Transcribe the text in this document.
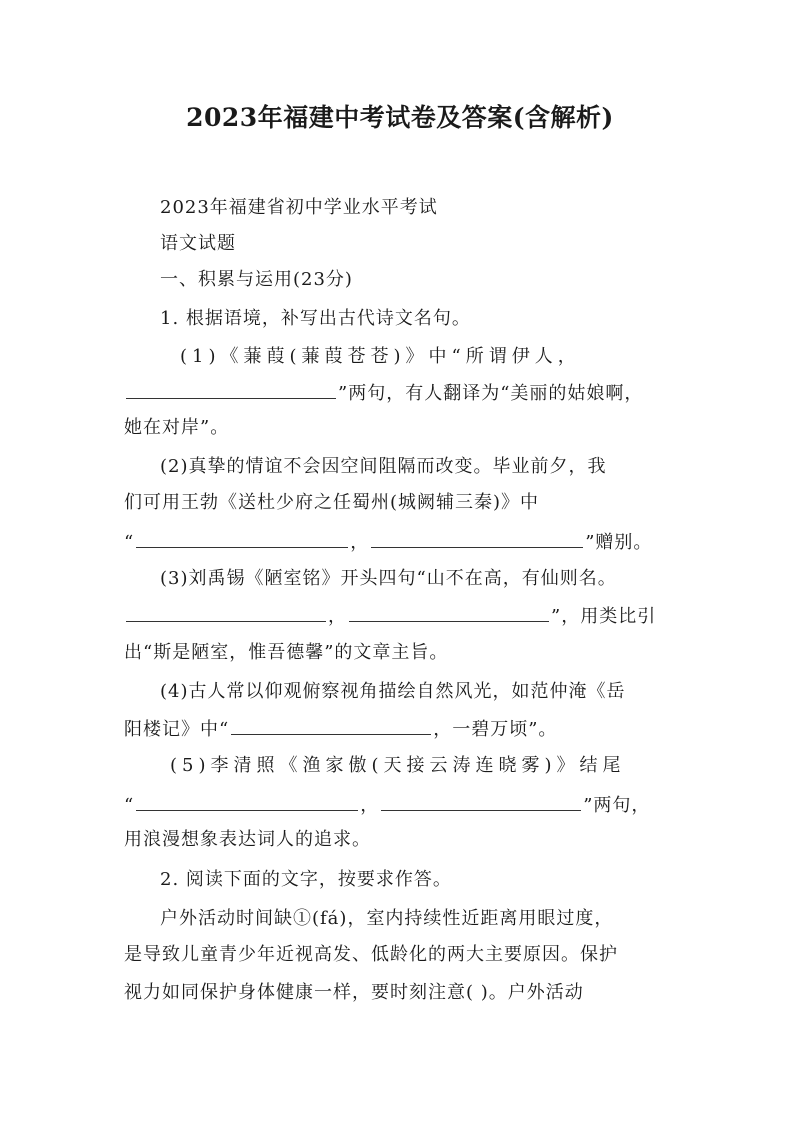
2023年福建中考试卷及答案(含解析)
2023年福建省初中学业水平考试
语文试题
一、积累与运用(23分)
1. 根据语境，补写出古代诗文名句。
(1)《蒹葭(蒹葭苍苍)》中“所谓伊人，
”两句，有人翻译为“美丽的姑娘啊，
她在对岸”。
(2)真挚的情谊不会因空间阻隔而改变。毕业前夕，我
们可用王勃《送杜少府之任蜀州(城阙辅三秦)》中
“	，	”赠别。
(3)刘禹锡《陋室铭》开头四句“山不在高，有仙则名。
，	”，用类比引
出“斯是陋室，惟吾德馨”的文章主旨。
(4)古人常以仰观俯察视角描绘自然风光，如范仲淹《岳
阳楼记》中“	，一碧万顷”。
(5)李清照《渔家傲(天接云涛连晓雾)》结尾
“	，	”两句，
用浪漫想象表达词人的追求。
2. 阅读下面的文字，按要求作答。
户外活动时间缺①(fá)，室内持续性近距离用眼过度，
是导致儿童青少年近视高发、低龄化的两大主要原因。保护
视力如同保护身体健康一样，要时刻注意( )。户外活动
